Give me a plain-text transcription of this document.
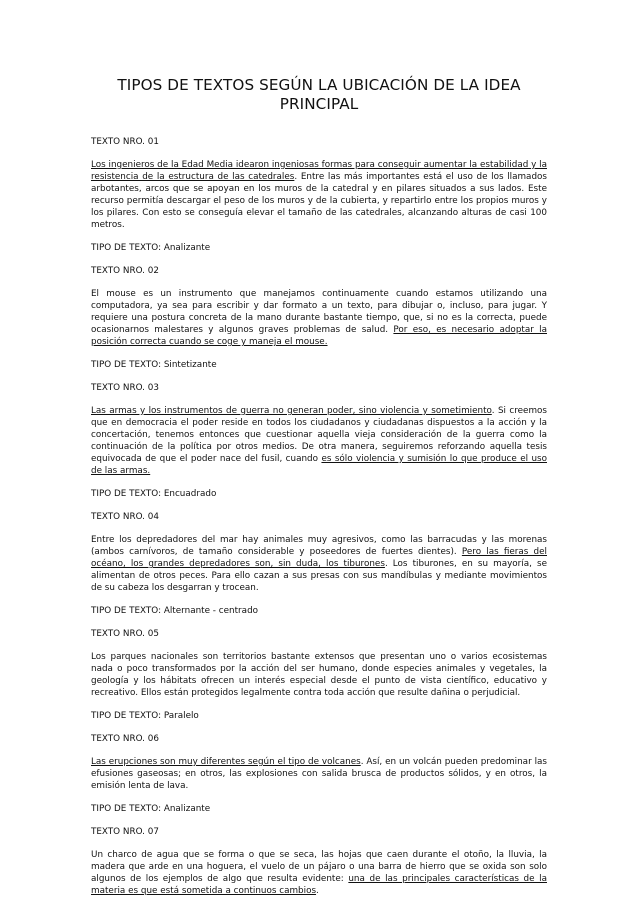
TIPOS DE TEXTOS SEGÚN LA UBICACIÓN DE LA IDEA PRINCIPAL
TEXTO NRO. 01
Los ingenieros de la Edad Media idearon ingeniosas formas para conseguir aumentar la estabilidad y la resistencia de la estructura de las catedrales. Entre las más importantes está el uso de los llamados arbotantes, arcos que se apoyan en los muros de la catedral y en pilares situados a sus lados. Este recurso permitía descargar el peso de los muros y de la cubierta, y repartirlo entre los propios muros y los pilares. Con esto se conseguía elevar el tamaño de las catedrales, alcanzando alturas de casi 100 metros.
TIPO DE TEXTO: Analizante
TEXTO NRO. 02
El mouse es un instrumento que manejamos continuamente cuando estamos utilizando una computadora, ya sea para escribir y dar formato a un texto, para dibujar o, incluso, para jugar. Y requiere una postura concreta de la mano durante bastante tiempo, que, si no es la correcta, puede ocasionarnos malestares y algunos graves problemas de salud. Por eso, es necesario adoptar la posición correcta cuando se coge y maneja el mouse.
TIPO DE TEXTO: Sintetizante
TEXTO NRO. 03
Las armas y los instrumentos de guerra no generan poder, sino violencia y sometimiento. Si creemos que en democracia el poder reside en todos los ciudadanos y ciudadanas dispuestos a la acción y la concertación, tenemos entonces que cuestionar aquella vieja consideración de la guerra como la continuación de la política por otros medios. De otra manera, seguiremos reforzando aquella tesis equivocada de que el poder nace del fusil, cuando es sólo violencia y sumisión lo que produce el uso de las armas.
TIPO DE TEXTO: Encuadrado
TEXTO NRO. 04
Entre los depredadores del mar hay animales muy agresivos, como las barracudas y las morenas (ambos carnívoros, de tamaño considerable y poseedores de fuertes dientes). Pero las fieras del océano, los grandes depredadores son, sin duda, los tiburones. Los tiburones, en su mayoría, se alimentan de otros peces. Para ello cazan a sus presas con sus mandíbulas y mediante movimientos de su cabeza los desgarran y trocean.
TIPO DE TEXTO: Alternante - centrado
TEXTO NRO. 05
Los parques nacionales son territorios bastante extensos que presentan uno o varios ecosistemas nada o poco transformados por la acción del ser humano, donde especies animales y vegetales, la geología y los hábitats ofrecen un interés especial desde el punto de vista científico, educativo y recreativo. Ellos están protegidos legalmente contra toda acción que resulte dañina o perjudicial.
TIPO DE TEXTO: Paralelo
TEXTO NRO. 06
Las erupciones son muy diferentes según el tipo de volcanes. Así, en un volcán pueden predominar las efusiones gaseosas; en otros, las explosiones con salida brusca de productos sólidos, y en otros, la emisión lenta de lava.
TIPO DE TEXTO: Analizante
TEXTO NRO. 07
Un charco de agua que se forma o que se seca, las hojas que caen durante el otoño, la lluvia, la madera que arde en una hoguera, el vuelo de un pájaro o una barra de hierro que se oxida son solo algunos de los ejemplos de algo que resulta evidente: una de las principales características de la materia es que está sometida a continuos cambios.
